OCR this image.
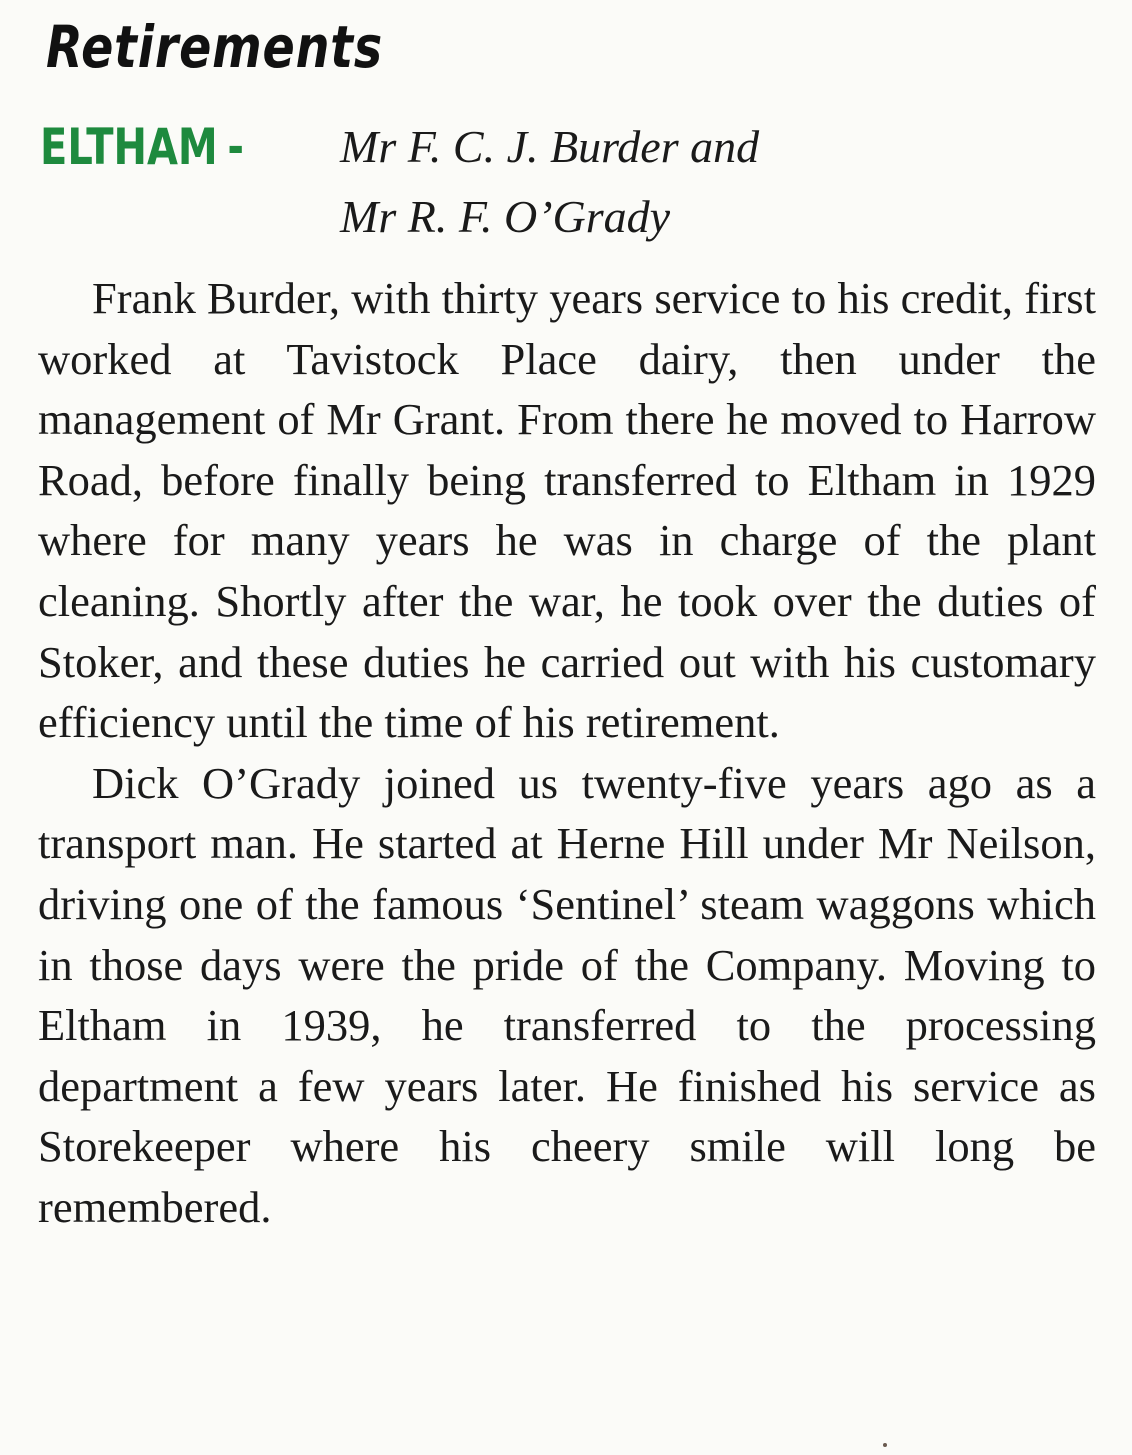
Retirements
ELTHAM - Mr F. C. J. Burder and
Mr R. F. O’Grady

Frank Burder, with thirty years service to his credit, first worked at Tavistock Place dairy, then under the management of Mr Grant. From there he moved to Harrow Road, before finally being transferred to Eltham in 1929 where for many years he was in charge of the plant cleaning. Shortly after the war, he took over the duties of Stoker, and these duties he carried out with his customary efficiency until the time of his retirement.

Dick O’Grady joined us twenty-five years ago as a transport man. He started at Herne Hill under Mr Neilson, driving one of the famous ‘Sentinel’ steam waggons which in those days were the pride of the Company. Moving to Eltham in 1939, he transferred to the processing department a few years later. He finished his service as Storekeeper where his cheery smile will long be remembered.
